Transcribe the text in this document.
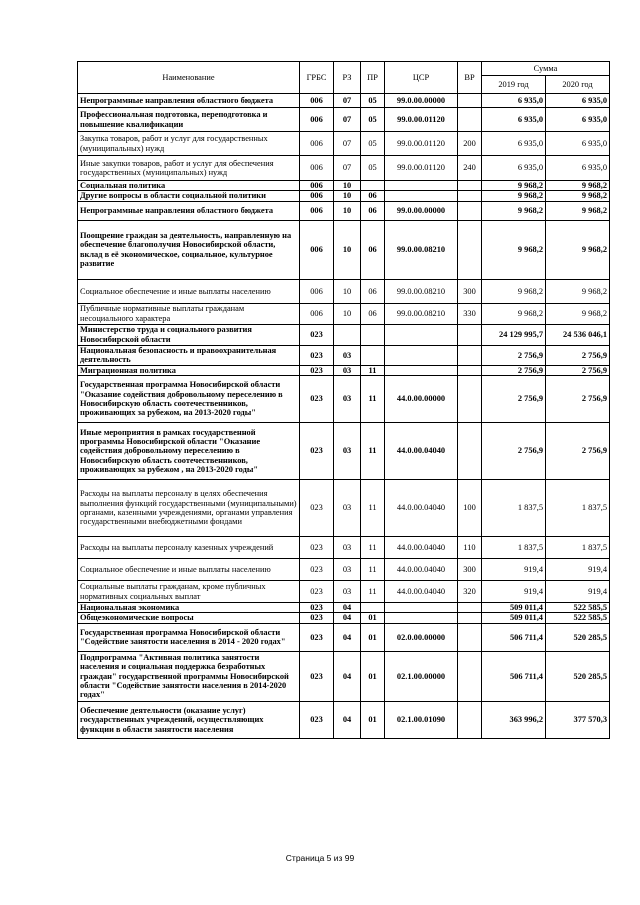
Наименование	ГРБС	РЗ	ПР	ЦСР	ВР	Сумма	
						2019 год	2020 год
Непрограммные направления областного бюджета	006	07	05	99.0.00.00000		6 935,0	6 935,0
Профессиональная подготовка, переподготовка и повышение квалификации	006	07	05	99.0.00.01120		6 935,0	6 935,0
Закупка товаров, работ и услуг для государственных (муниципальных) нужд	006	07	05	99.0.00.01120	200	6 935,0	6 935,0
Иные закупки товаров, работ и услуг для обеспечения государственных (муниципальных) нужд	006	07	05	99.0.00.01120	240	6 935,0	6 935,0
Социальная политика	006	10				9 968,2	9 968,2
Другие вопросы в области социальной политики	006	10	06			9 968,2	9 968,2
Непрограммные направления областного бюджета	006	10	06	99.0.00.00000		9 968,2	9 968,2
Поощрение граждан за деятельность, направленную на обеспечение благополучия Новосибирской области, вклад в её экономическое, социальное, культурное развитие	006	10	06	99.0.00.08210		9 968,2	9 968,2
Социальное обеспечение и иные выплаты населению	006	10	06	99.0.00.08210	300	9 968,2	9 968,2
Публичные нормативные выплаты гражданам несоциального характера	006	10	06	99.0.00.08210	330	9 968,2	9 968,2
Министерство труда и социального развития Новосибирской области	023					24 129 995,7	24 536 046,1
Национальная безопасность и правоохранительная деятельность	023	03				2 756,9	2 756,9
Миграционная политика	023	03	11			2 756,9	2 756,9
Государственная программа Новосибирской области "Оказание содействия добровольному переселению в Новосибирскую область соотечественников, проживающих за рубежом, на 2013-2020 годы"	023	03	11	44.0.00.00000		2 756,9	2 756,9
Иные мероприятия в рамках государственной программы Новосибирской области "Оказание содействия добровольному переселению в Новосибирскую область соотечественников, проживающих за рубежом , на 2013-2020 годы"	023	03	11	44.0.00.04040		2 756,9	2 756,9
Расходы на выплаты персоналу в целях обеспечения выполнения функций государственными (муниципальными) органами, казенными учреждениями, органами управления государственными внебюджетными фондами	023	03	11	44.0.00.04040	100	1 837,5	1 837,5
Расходы на выплаты персоналу казенных учреждений	023	03	11	44.0.00.04040	110	1 837,5	1 837,5
Социальное обеспечение и иные выплаты населению	023	03	11	44.0.00.04040	300	919,4	919,4
Социальные выплаты гражданам, кроме публичных нормативных социальных выплат	023	03	11	44.0.00.04040	320	919,4	919,4
Национальная экономика	023	04				509 011,4	522 585,5
Общеэкономические вопросы	023	04	01			509 011,4	522 585,5
Государственная программа Новосибирской области "Содействие занятости населения в 2014 - 2020 годах"	023	04	01	02.0.00.00000		506 711,4	520 285,5
Подпрограмма "Активная политика занятости населения и социальная поддержка безработных граждан" государственной программы Новосибирской области "Содействие занятости населения в 2014-2020 годах"	023	04	01	02.1.00.00000		506 711,4	520 285,5
Обеспечение деятельности (оказание услуг) государственных учреждений, осуществляющих функции в области занятости населения	023	04	01	02.1.00.01090		363 996,2	377 570,3
Страница 5 из 99
